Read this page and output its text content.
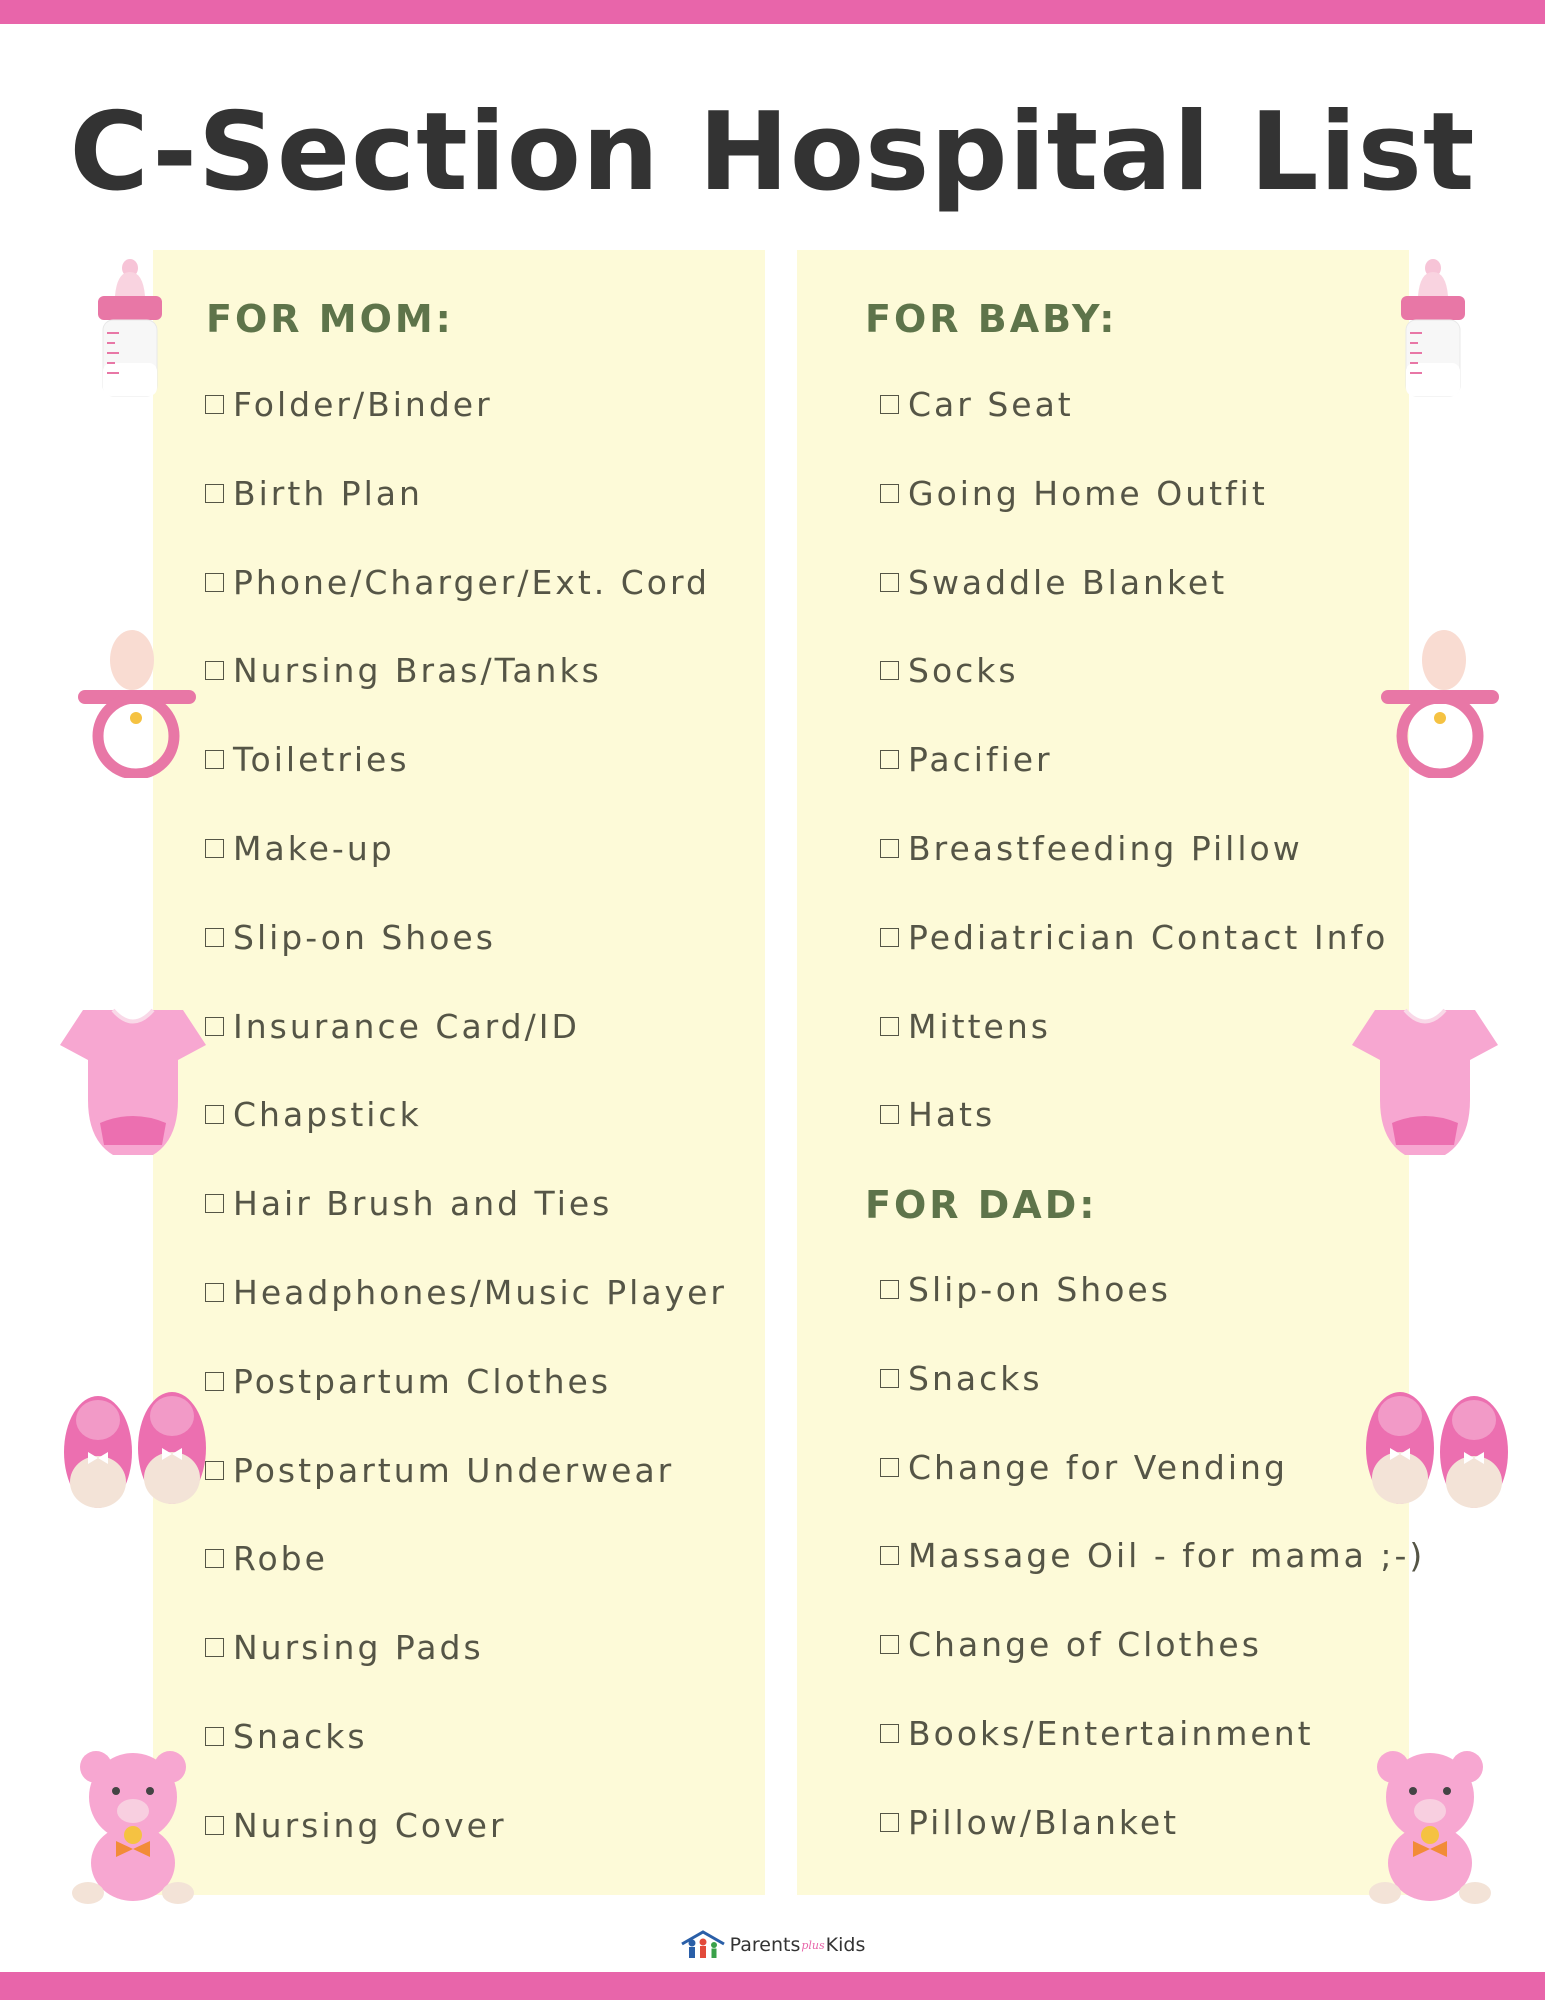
C-Section Hospital List
FOR MOM:
Folder/Binder
Birth Plan
Phone/Charger/Ext. Cord
Nursing Bras/Tanks
Toiletries
Make-up
Slip-on Shoes
Insurance Card/ID
Chapstick
Hair Brush and Ties
Headphones/Music Player
Postpartum Clothes
Postpartum Underwear
Robe
Nursing Pads
Snacks
Nursing Cover
FOR BABY:
Car Seat
Going Home Outfit
Swaddle Blanket
Socks
Pacifier
Breastfeeding Pillow
Pediatrician Contact Info
Mittens
Hats
FOR DAD:
Slip-on Shoes
Snacks
Change for Vending
Massage Oil - for mama ;-)
Change of Clothes
Books/Entertainment
Pillow/Blanket
Parents plus Kids
